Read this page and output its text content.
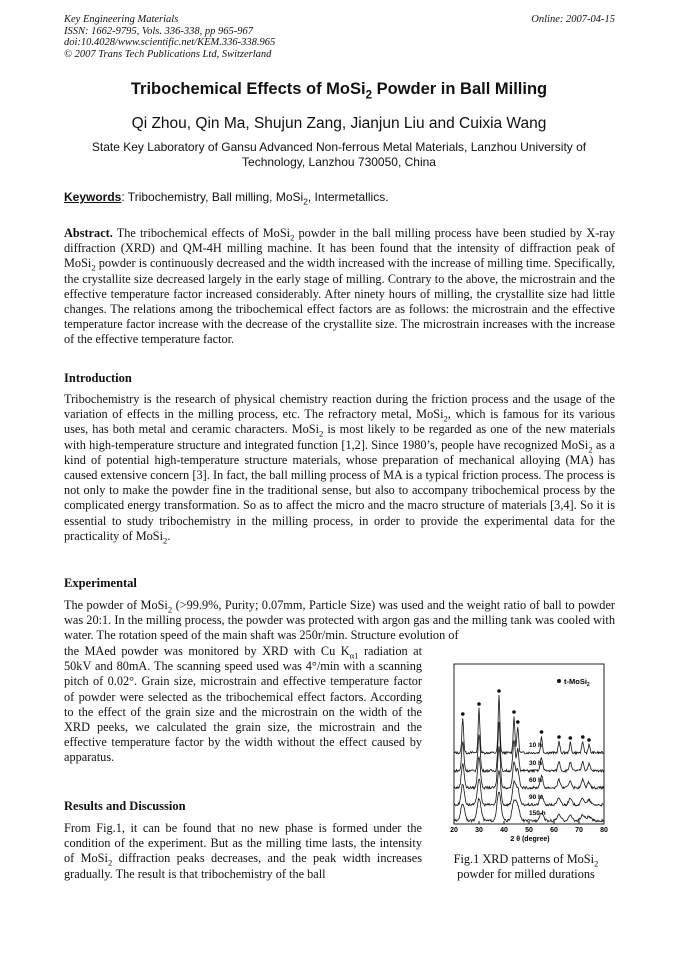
Key Engineering Materials
ISSN: 1662-9795, Vols. 336-338, pp 965-967
doi:10.4028/www.scientific.net/KEM.336-338.965
© 2007 Trans Tech Publications Ltd, Switzerland
Online: 2007-04-15
Tribochemical Effects of MoSi$_2$ Powder in Ball Milling
Qi Zhou, Qin Ma, Shujun Zang, Jianjun Liu and Cuixia Wang
State Key Laboratory of Gansu Advanced Non-ferrous Metal Materials, Lanzhou University of
Technology, Lanzhou 730050, China
Keywords: Tribochemistry, Ball milling, MoSi$_2$, Intermetallics.

Abstract. The tribochemical effects of MoSi$_2$ powder in the ball milling process have been studied by X-ray diffraction (XRD) and QM-4H milling machine. It has been found that the intensity of diffraction peak of MoSi$_2$ powder is continuously decreased and the width increased with the increase of milling time. Specifically, the crystallite size decreased largely in the early stage of milling. Contrary to the above, the microstrain and the effective temperature factor increased considerably. After ninety hours of milling, the crystallite size had little changes. The relations among the tribochemical effect factors are as follows: the microstrain and the effective temperature factor increase with the decrease of the crystallite size. The microstrain increases with the increase of the effective temperature factor.

Introduction

Tribochemistry is the research of physical chemistry reaction during the friction process and the usage of the variation of effects in the milling process, etc. The refractory metal, MoSi$_2$, which is famous for its various uses, has both metal and ceramic characters. MoSi$_2$ is most likely to be regarded as one of the new materials with high-temperature structure and integrated function [1,2]. Since 1980’s, people have recognized MoSi$_2$ as a kind of potential high-temperature structure materials, whose preparation of mechanical alloying (MA) has caused extensive concern [3]. In fact, the ball milling process of MA is a typical friction process. The process is not only to make the powder fine in the traditional sense, but also to accompany tribochemical process by the complicated energy transformation. So as to affect the micro and the macro structure of materials [3,4]. So it is essential to study tribochemistry in the milling process, in order to provide the experimental data for the practicality of MoSi$_2$.

Experimental

The powder of MoSi$_2$ (>99.9%, Purity; 0.07mm, Particle Size) was used and the weight ratio of ball to powder was 20:1. In the milling process, the powder was protected with argon gas and the milling tank was cooled with water. The rotation speed of the main shaft was 250r/min. Structure evolution of

the MAed powder was monitored by XRD with Cu $K_{\alpha 1}$ radiation at 50kV and 80mA. The scanning speed used was 4°/min with a scanning pitch of 0.02°. Grain size, microstrain and effective temperature factor of powder were selected as the tribochemical effect factors. According to the effect of the grain size and the microstrain on the width of the XRD peeks, we calculated the grain size, the microstrain and the effective temperature factor by the width without the effect caused by apparatus.

Results and Discussion

From Fig.1, it can be found that no new phase is formed under the condition of the experiment. But as the milling time lasts, the intensity of MoSi$_2$ diffraction peaks decreases, and the peak width increases gradually. The result is that tribochemistry of the ball

10 h
30 h
60 h
90 h
150 h
20 30 40 50 60 70 80
t-MoSi$_2$
2 θ (degree)
Fig.1 XRD patterns of MoSi$_2$ powder for milled durations
